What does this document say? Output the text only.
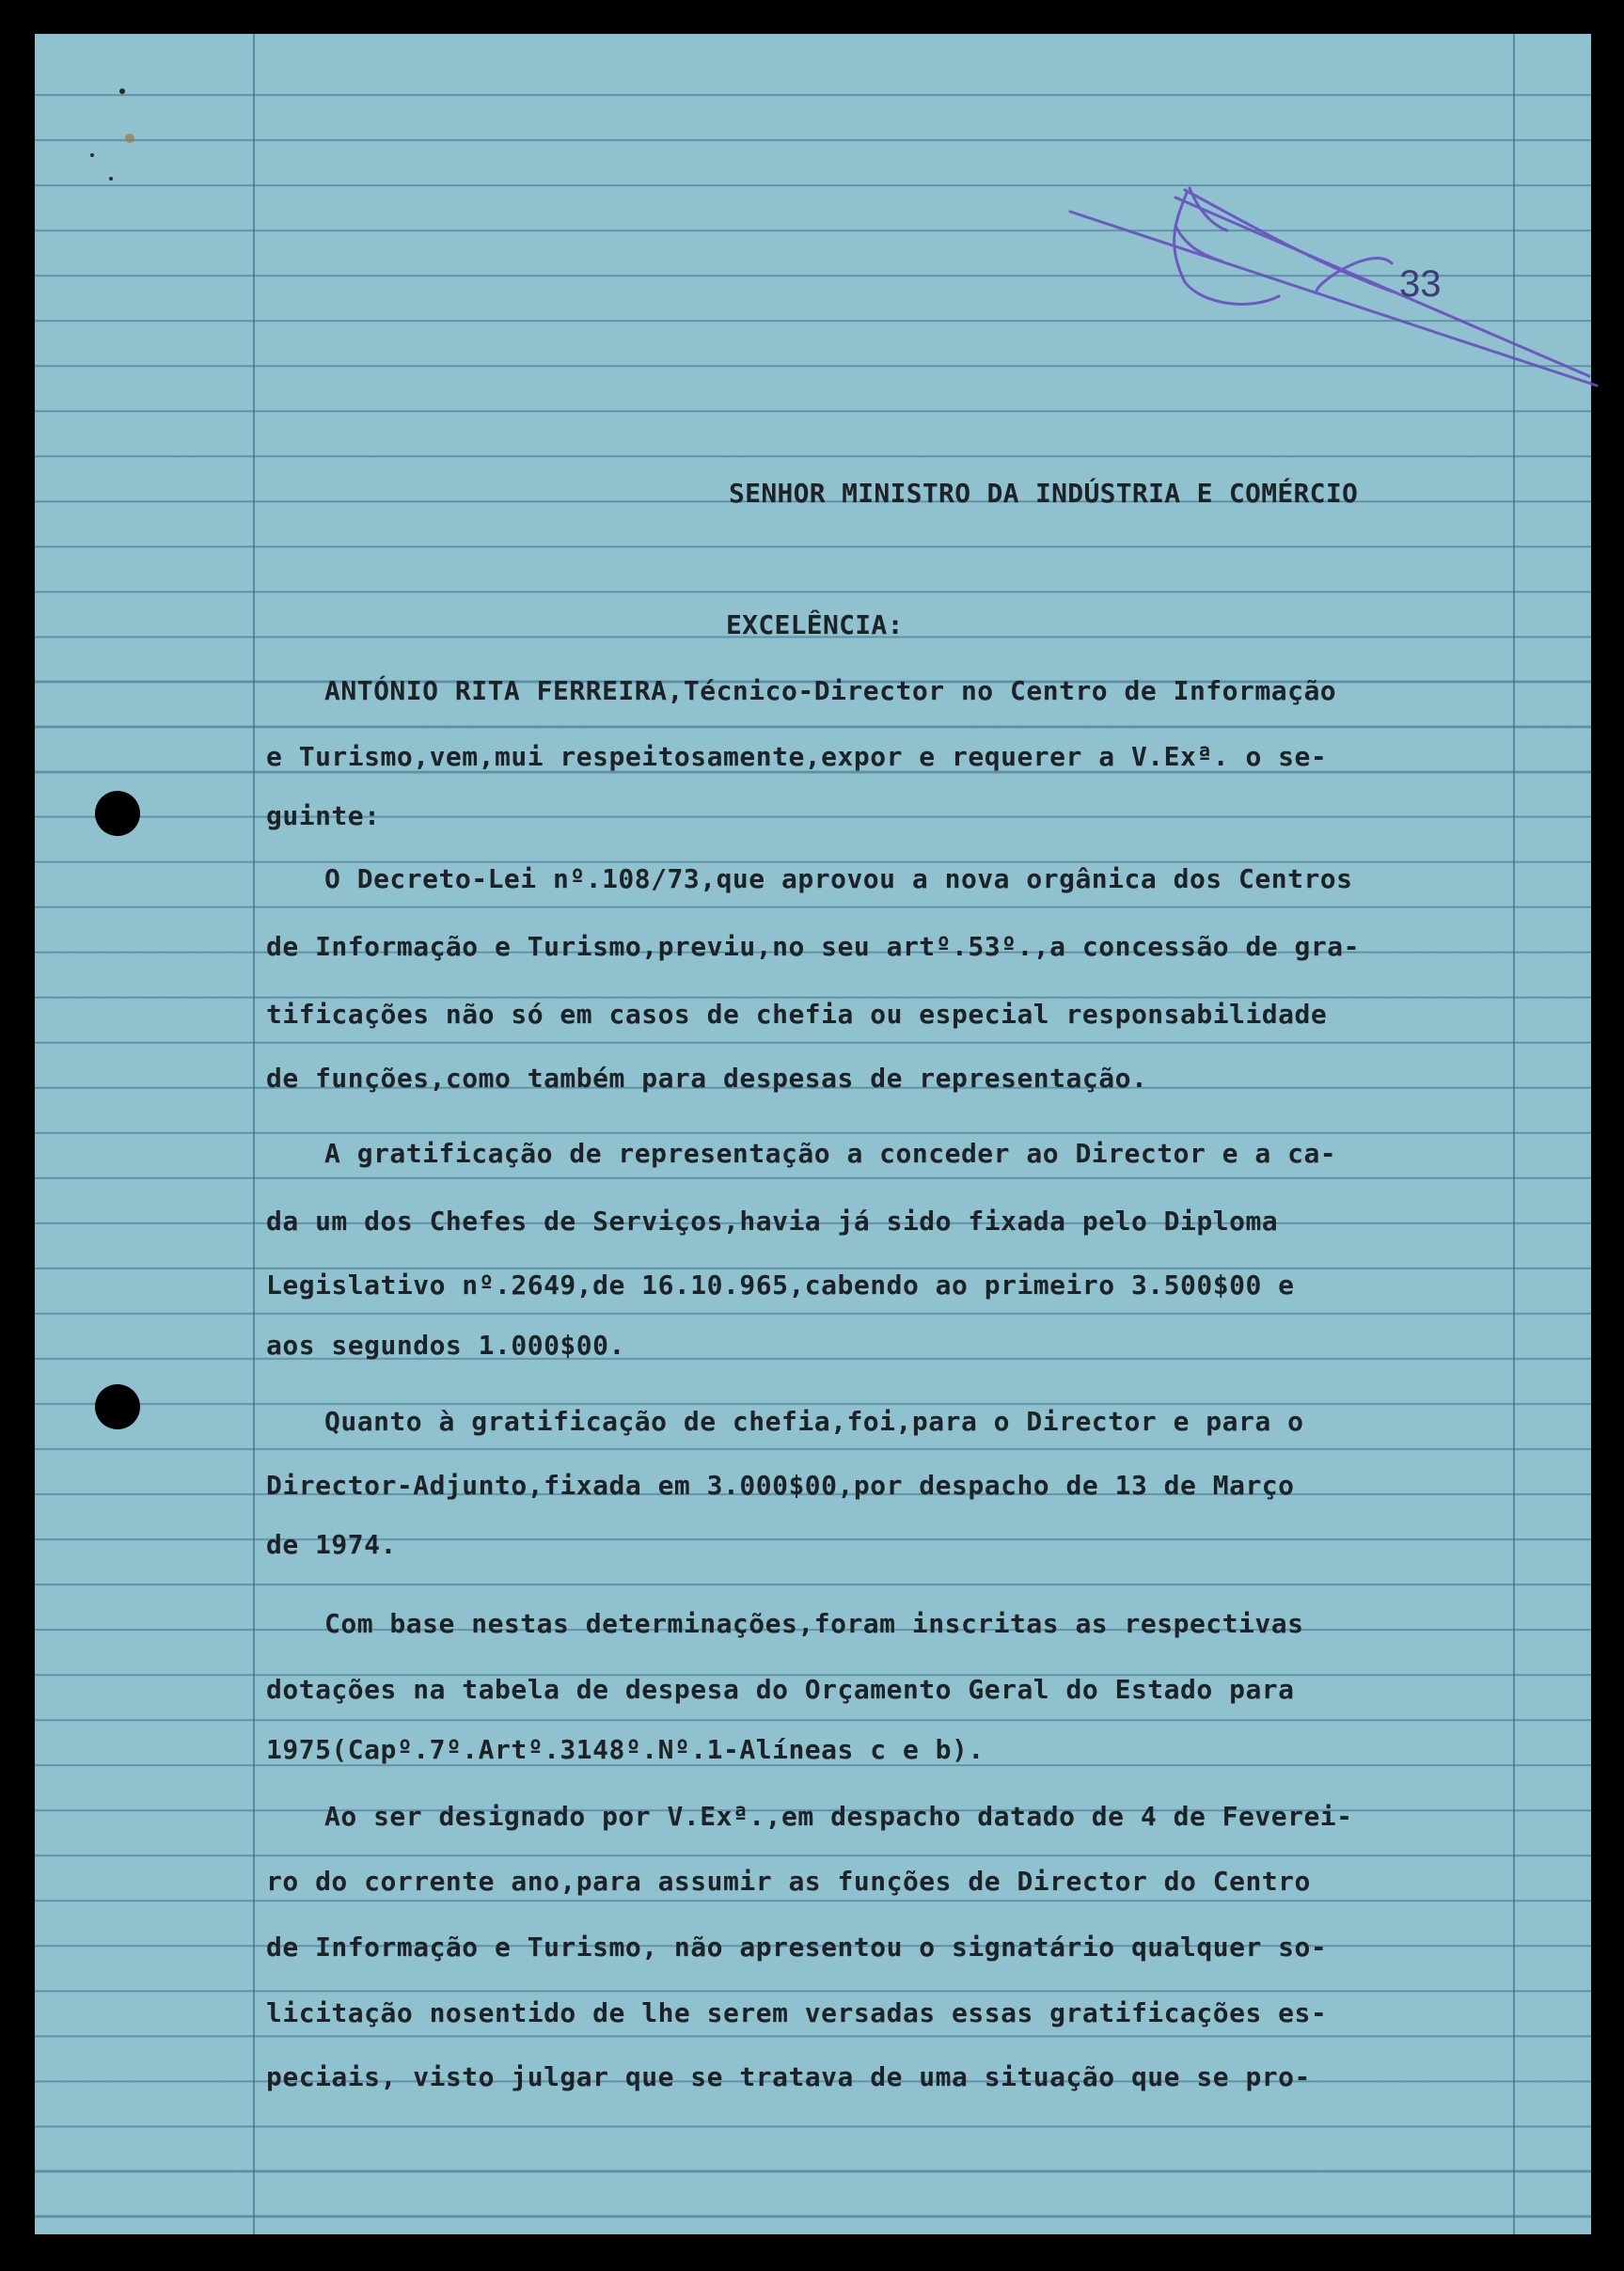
33

SENHOR MINISTRO DA INDÚSTRIA E COMÉRCIO

EXCELÊNCIA:

ANTÓNIO RITA FERREIRA,Técnico-Director no Centro de Informação

e Turismo,vem,mui respeitosamente,expor e requerer a V.Exª. o se-

guinte:

O Decreto-Lei nº.108/73,que aprovou a nova orgânica dos Centros

de Informação e Turismo,previu,no seu artº.53º.,a concessão de gra-

tificações não só em casos de chefia ou especial responsabilidade

de funções,como também para despesas de representação.

A gratificação de representação a conceder ao Director e a ca-

da um dos Chefes de Serviços,havia já sido fixada pelo Diploma

Legislativo nº.2649,de 16.10.965,cabendo ao primeiro 3.500$00 e

aos segundos 1.000$00.

Quanto à gratificação de chefia,foi,para o Director e para o

Director-Adjunto,fixada em 3.000$00,por despacho de 13 de Março

de 1974.

Com base nestas determinações,foram inscritas as respectivas

dotações na tabela de despesa do Orçamento Geral do Estado para

1975(Capº.7º.Artº.3148º.Nº.1-Alíneas c e b).

Ao ser designado por V.Exª.,em despacho datado de 4 de Feverei-

ro do corrente ano,para assumir as funções de Director do Centro

de Informação e Turismo, não apresentou o signatário qualquer so-

licitação nosentido de lhe serem versadas essas gratificações es-

peciais, visto julgar que se tratava de uma situação que se pro-
